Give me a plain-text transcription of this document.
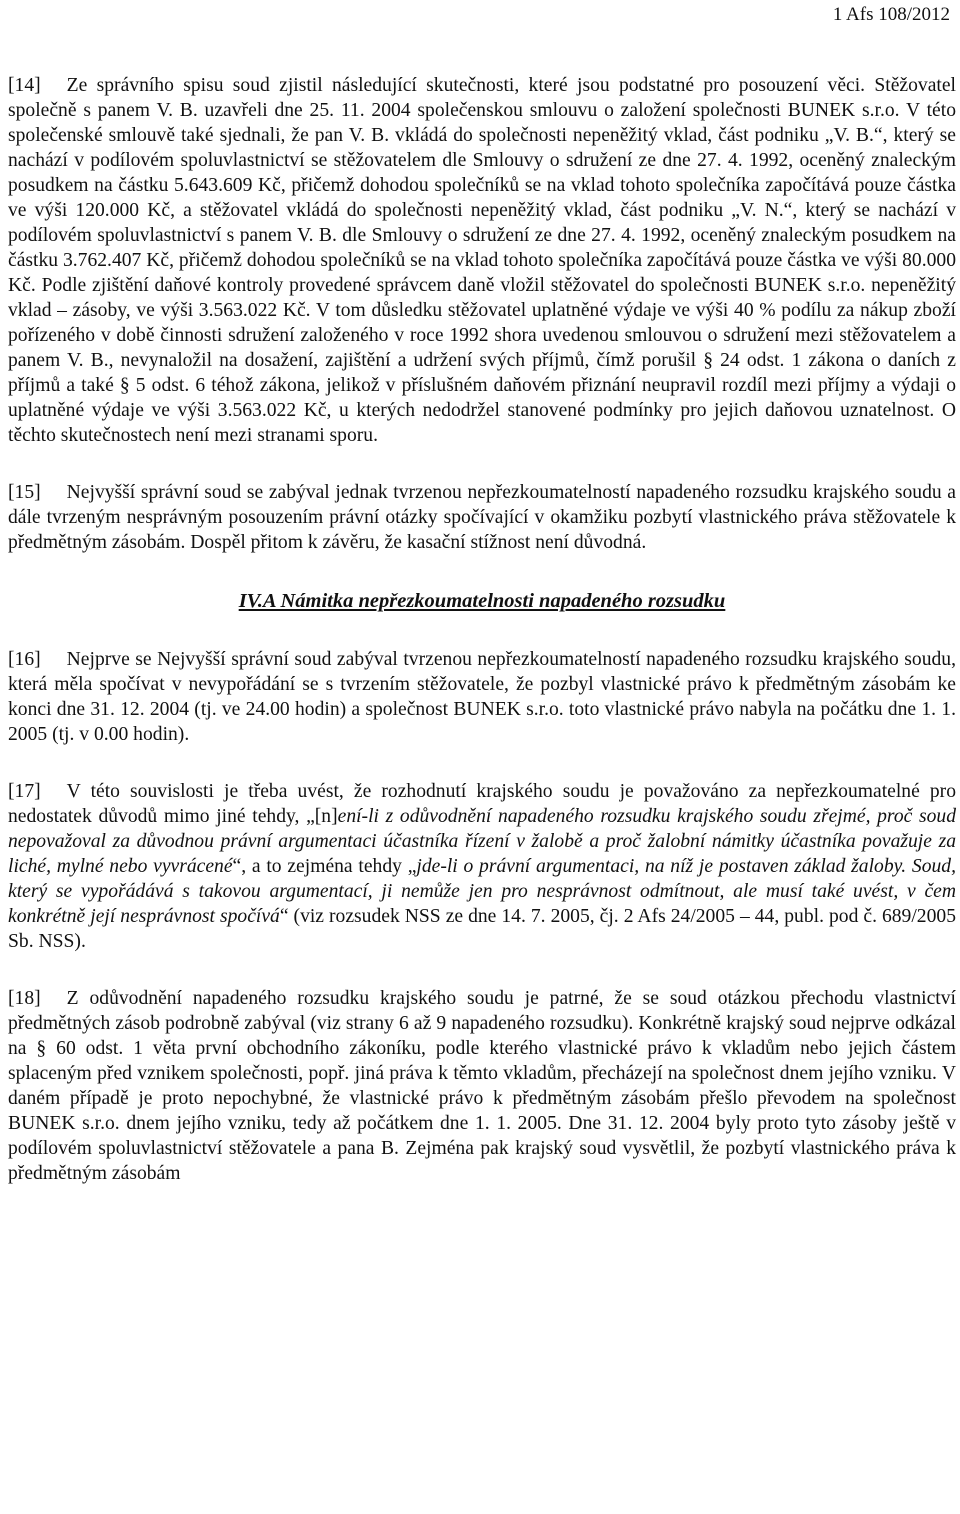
1 Afs 108/2012

[14] Ze správního spisu soud zjistil následující skutečnosti, které jsou podstatné pro posouzení věci. Stěžovatel společně s panem V. B. uzavřeli dne 25. 11. 2004 společenskou smlouvu o založení společnosti BUNEK s.r.o. V této společenské smlouvě také sjednali, že pan V. B. vkládá do společnosti nepeněžitý vklad, část podniku „V. B.“, který se nachází v podílovém spoluvlastnictví se stěžovatelem dle Smlouvy o sdružení ze dne 27. 4. 1992, oceněný znaleckým posudkem na částku 5.643.609 Kč, přičemž dohodou společníků se na vklad tohoto společníka započítává pouze částka ve výši 120.000 Kč, a stěžovatel vkládá do společnosti nepeněžitý vklad, část podniku „V. N.“, který se nachází v podílovém spoluvlastnictví s panem V. B. dle Smlouvy o sdružení ze dne 27. 4. 1992, oceněný znaleckým posudkem na částku 3.762.407 Kč, přičemž dohodou společníků se na vklad tohoto společníka započítává pouze částka ve výši 80.000 Kč. Podle zjištění daňové kontroly provedené správcem daně vložil stěžovatel do společnosti BUNEK s.r.o. nepeněžitý vklad – zásoby, ve výši 3.563.022 Kč. V tom důsledku stěžovatel uplatněné výdaje ve výši 40 % podílu za nákup zboží pořízeného v době činnosti sdružení založeného v roce 1992 shora uvedenou smlouvou o sdružení mezi stěžovatelem a panem V. B., nevynaložil na dosažení, zajištění a udržení svých příjmů, čímž porušil § 24 odst. 1 zákona o daních z příjmů a také § 5 odst. 6 téhož zákona, jelikož v příslušném daňovém přiznání neupravil rozdíl mezi příjmy a výdaji o uplatněné výdaje ve výši 3.563.022 Kč, u kterých nedodržel stanovené podmínky pro jejich daňovou uznatelnost. O těchto skutečnostech není mezi stranami sporu.

[15] Nejvyšší správní soud se zabýval jednak tvrzenou nepřezkoumatelností napadeného rozsudku krajského soudu a dále tvrzeným nesprávným posouzením právní otázky spočívající v okamžiku pozbytí vlastnického práva stěžovatele k předmětným zásobám. Dospěl přitom k závěru, že kasační stížnost není důvodná.

IV.A Námitka nepřezkoumatelnosti napadeného rozsudku

[16] Nejprve se Nejvyšší správní soud zabýval tvrzenou nepřezkoumatelností napadeného rozsudku krajského soudu, která měla spočívat v nevypořádání se s tvrzením stěžovatele, že pozbyl vlastnické právo k předmětným zásobám ke konci dne 31. 12. 2004 (tj. ve 24.00 hodin) a společnost BUNEK s.r.o. toto vlastnické právo nabyla na počátku dne 1. 1. 2005 (tj. v 0.00 hodin).

[17] V této souvislosti je třeba uvést, že rozhodnutí krajského soudu je považováno za nepřezkoumatelné pro nedostatek důvodů mimo jiné tehdy, „[n]ení-li z odůvodnění napadeného rozsudku krajského soudu zřejmé, proč soud nepovažoval za důvodnou právní argumentaci účastníka řízení v žalobě a proč žalobní námitky účastníka považuje za liché, mylné nebo vyvrácené“, a to zejména tehdy „jde-li o právní argumentaci, na níž je postaven základ žaloby. Soud, který se vypořádává s takovou argumentací, ji nemůže jen pro nesprávnost odmítnout, ale musí také uvést, v čem konkrétně její nesprávnost spočívá“ (viz rozsudek NSS ze dne 14. 7. 2005, čj. 2 Afs 24/2005 – 44, publ. pod č. 689/2005 Sb. NSS).

[18] Z odůvodnění napadeného rozsudku krajského soudu je patrné, že se soud otázkou přechodu vlastnictví předmětných zásob podrobně zabýval (viz strany 6 až 9 napadeného rozsudku). Konkrétně krajský soud nejprve odkázal na § 60 odst. 1 věta první obchodního zákoníku, podle kterého vlastnické právo k vkladům nebo jejich částem splaceným před vznikem společnosti, popř. jiná práva k těmto vkladům, přecházejí na společnost dnem jejího vzniku. V daném případě je proto nepochybné, že vlastnické právo k předmětným zásobám přešlo převodem na společnost BUNEK s.r.o. dnem jejího vzniku, tedy až počátkem dne 1. 1. 2005. Dne 31. 12. 2004 byly proto tyto zásoby ještě v podílovém spoluvlastnictví stěžovatele a pana B. Zejména pak krajský soud vysvětlil, že pozbytí vlastnického práva k předmětným zásobám
